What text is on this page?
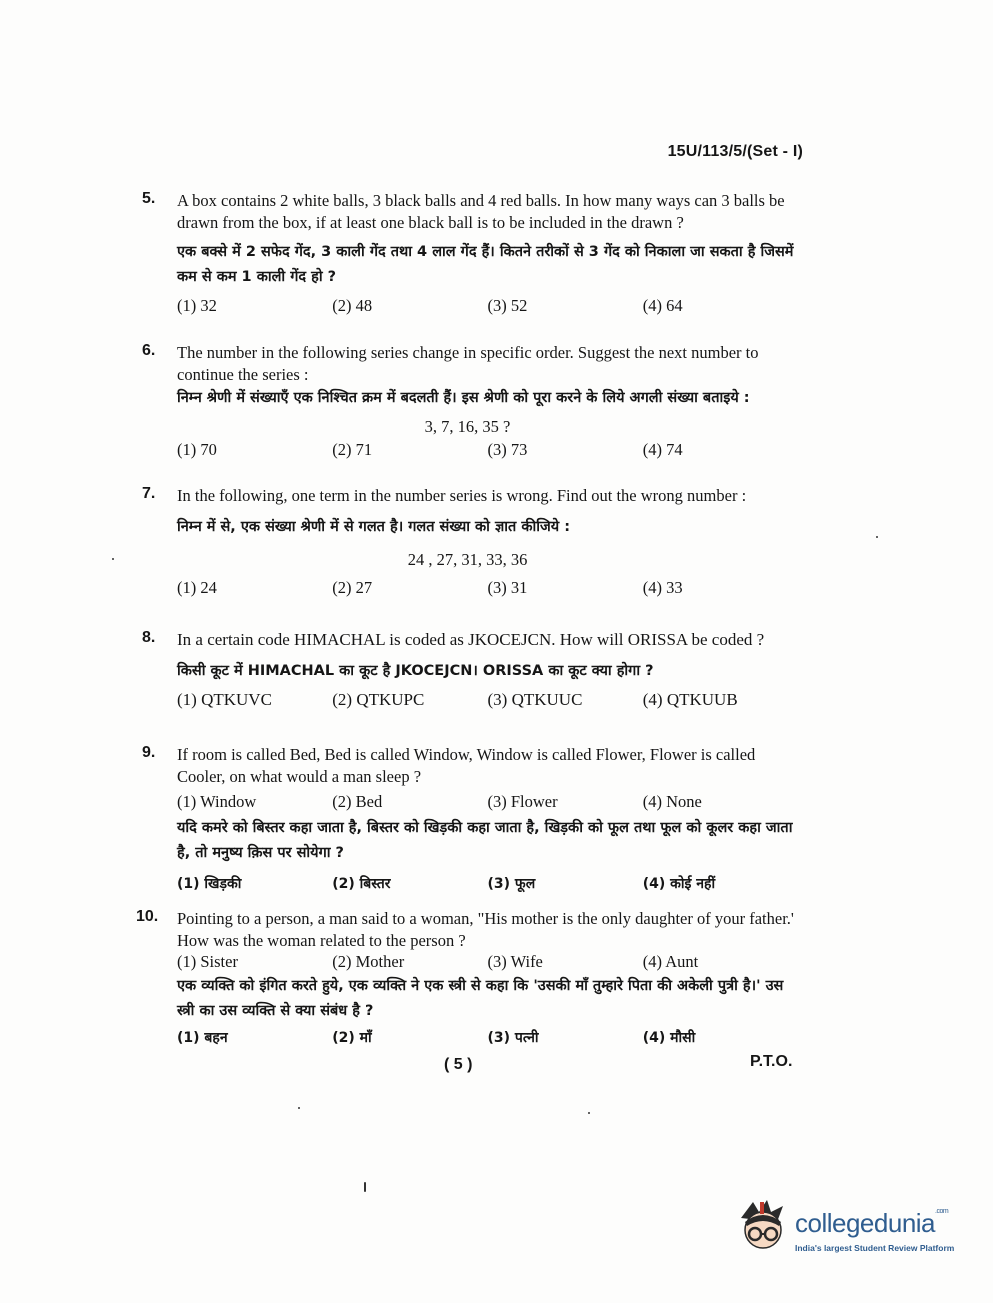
15U/113/5/(Set - I)
5.	A box contains 2 white balls, 3 black balls and 4 red balls. In how many ways can 3 balls be drawn from the box, if at least one black ball is to be included in the drawn ?
एक बक्से में 2 सफेद गेंद, 3 काली गेंद तथा 4 लाल गेंद हैं। कितने तरीकों से 3 गेंद को निकाला जा सकता है जिसमें कम से कम 1 काली गेंद हो ?
(1) 32	(2) 48	(3) 52	(4) 64
6.	The number in the following series change in specific order. Suggest the next number to continue the series :
निम्न श्रेणी में संख्याएँ एक निश्चित क्रम में बदलती हैं। इस श्रेणी को पूरा करने के लिये अगली संख्या बताइये :
3, 7, 16, 35 ?
(1) 70	(2) 71	(3) 73	(4) 74
7.	In the following, one term in the number series is wrong. Find out the wrong number :
निम्न में से, एक संख्या श्रेणी में से गलत है। गलत संख्या को ज्ञात कीजिये :
24 , 27, 31, 33, 36
(1) 24	(2) 27	(3) 31	(4) 33
8.	In a certain code HIMACHAL is coded as JKOCEJCN. How will ORISSA be coded ?
किसी कूट में HIMACHAL का कूट है JKOCEJCN। ORISSA का कूट क्या होगा ?
(1) QTKUVC	(2) QTKUPC	(3) QTKUUC	(4) QTKUUB
9.	If room is called Bed, Bed is called Window, Window is called Flower, Flower is called Cooler, on what would a man sleep ?
(1) Window	(2) Bed	(3) Flower	(4) None
यदि कमरे को बिस्तर कहा जाता है, बिस्तर को खिड़की कहा जाता है, खिड़की को फूल तथा फूल को कूलर कहा जाता है, तो मनुष्य क़िस पर सोयेगा ?
(1) खिड़की	(2) बिस्तर	(3) फूल	(4) कोई नहीं
10.	Pointing to a person, a man said to a woman, "His mother is the only daughter of your father.' How was the woman related to the person ?
(1) Sister	(2) Mother	(3) Wife	(4) Aunt
एक व्यक्ति को इंगित करते हुये, एक व्यक्ति ने एक स्त्री से कहा कि 'उसकी माँ तुम्हारे पिता की अकेली पुत्री है।' उस स्त्री का उस व्यक्ति से क्या संबंध है ?
(1) बहन	(2) माँ	(3) पत्नी	(4) मौसी
( 5 )	P.T.O.
collegedunia$^{.com}$
India's largest Student Review Platform
